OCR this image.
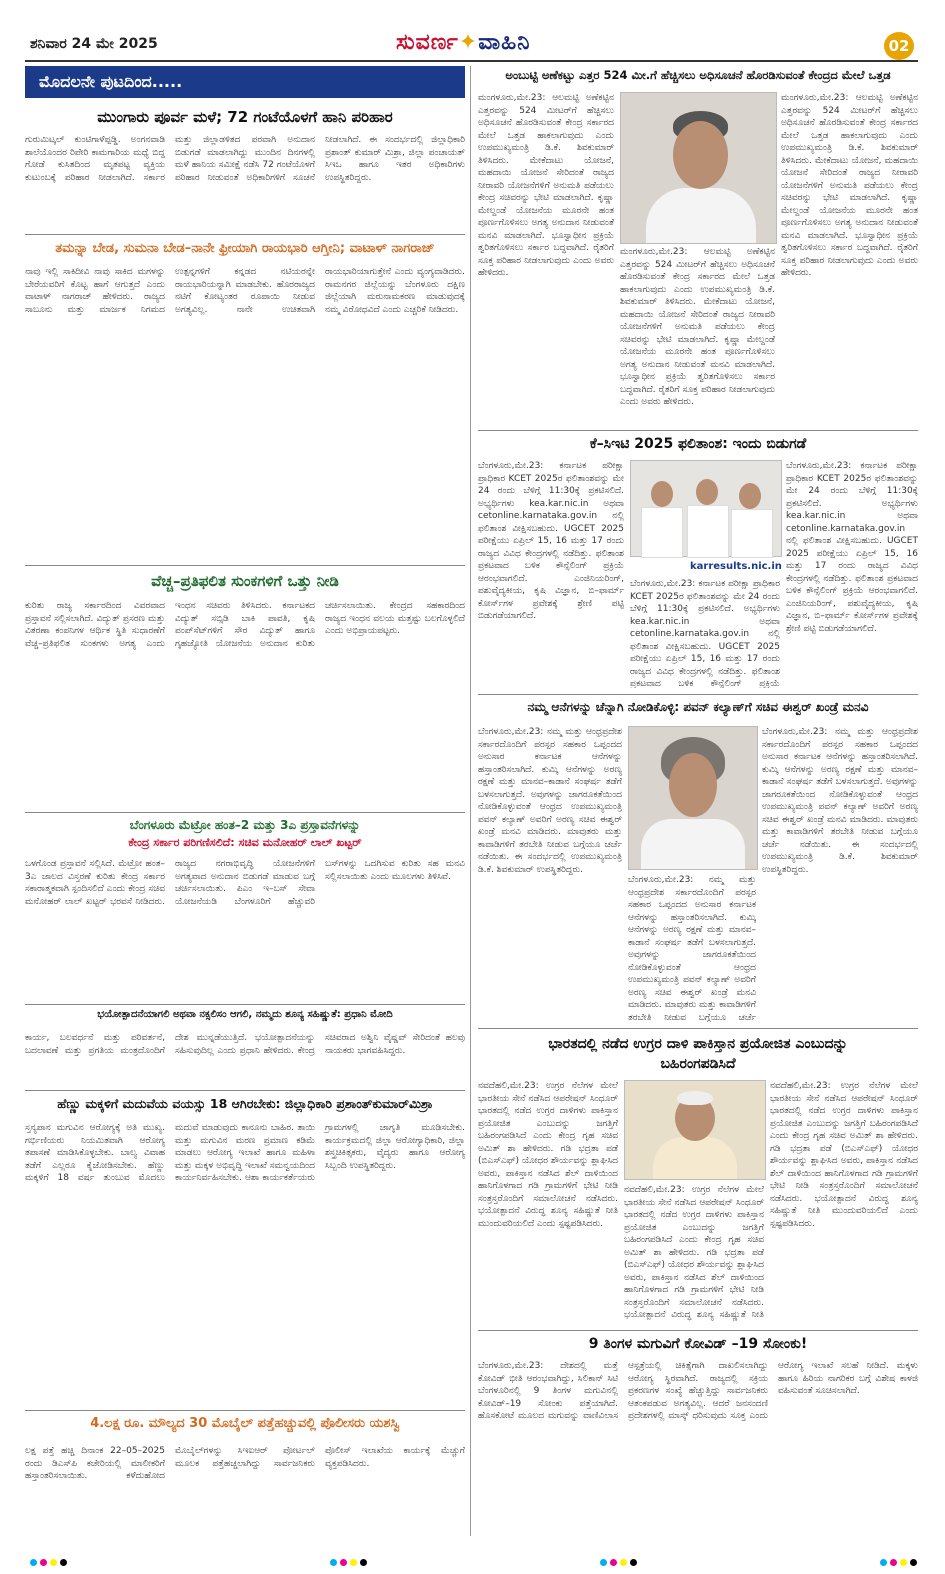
ಶನಿವಾರ 24 ಮೇ 2025	ಸುವರ್ಣ✦ವಾಹಿನಿ	02
ಮೊದಲನೇ ಪುಟದಿಂದ.....
ಮುಂಗಾರು ಪೂರ್ವ ಮಳೆ; 72 ಗಂಟೆಯೊಳಗೆ ಹಾನಿ ಪರಿಹಾರ
ಗುರುಮಿಟ್ಕಲ್ ಕುಂಟಿಗಾಳೆಪ್ಪಡ್ಡಿ. ಅಂಗನವಾಡಿ ಶಾಲೆಯೊಂದರ ರಿಪೇರಿ ಕಾಮಗಾರಿಯ ಮಧ್ಯೆ ಬಿದ್ದ ಗೋಡೆ ಕುಸಿತದಿಂದ ಮೃತಪಟ್ಟ ವ್ಯಕ್ತಿಯ ಕುಟುಂಬಕ್ಕೆ ಪರಿಹಾರ ನೀಡಲಾಗಿದೆ. ಸರ್ಕಾರ ಮತ್ತು ಜಿಲ್ಲಾಡಳಿತದ ಪರವಾಗಿ ಅನುದಾನ ಬಿಡುಗಡೆ ಮಾಡಲಾಗಿದ್ದು ಮುಂದಿನ ದಿನಗಳಲ್ಲಿ ಮಳೆ ಹಾನಿಯ ಸಮೀಕ್ಷೆ ನಡೆಸಿ 72 ಗಂಟೆಯೊಳಗೆ ಪರಿಹಾರ ನೀಡುವಂತೆ ಅಧಿಕಾರಿಗಳಿಗೆ ಸೂಚನೆ ನೀಡಲಾಗಿದೆ. ಈ ಸಂದರ್ಭದಲ್ಲಿ ಜಿಲ್ಲಾಧಿಕಾರಿ ಪ್ರಶಾಂತ್ ಕುಮಾರ್ ಮಿಶ್ರಾ, ಜಿಲ್ಲಾ ಪಂಚಾಯತ್ ಸಿಇಒ ಹಾಗೂ ಇತರ ಅಧಿಕಾರಿಗಳು ಉಪಸ್ಥಿತರಿದ್ದರು.
ತಮನ್ನಾ ಬೇಡ, ಸುಮನಾ ಬೇಡ–ನಾನೇ ಫ್ರೀಯಾಗಿ ರಾಯಭಾರಿ ಆಗ್ತೀನಿ; ವಾಟಾಳ್ ನಾಗರಾಜ್
ನಾವು ಇಲ್ಲಿ ಸಾಕಿದೀವಿ ನಾವು ಸಾಕಿದ ಮಗಳನ್ನು ಬೇರೆಯವರಿಗೆ ಕೊಟ್ಟ ಹಾಗೆ ಆಗುತ್ತದೆ ಎಂದು ವಾಟಾಳ್ ನಾಗರಾಜ್ ಹೇಳಿದರು. ರಾಜ್ಯದ ಸಾಬೂನು ಮತ್ತು ಮಾರ್ಜಕ ನಿಗಮದ ಉತ್ಪನ್ನಗಳಿಗೆ ಕನ್ನಡದ ನಟಿಯರನ್ನೇ ರಾಯಭಾರಿಯನ್ನಾಗಿ ಮಾಡಬೇಕು. ಹೊರರಾಜ್ಯದ ನಟಿಗೆ ಕೋಟ್ಯಂತರ ರೂಪಾಯಿ ನೀಡುವ ಅಗತ್ಯವಿಲ್ಲ. ನಾನೇ ಉಚಿತವಾಗಿ ರಾಯಭಾರಿಯಾಗುತ್ತೇನೆ ಎಂದು ವ್ಯಂಗ್ಯವಾಡಿದರು. ರಾಮನಗರ ಜಿಲ್ಲೆಯನ್ನು ಬೆಂಗಳೂರು ದಕ್ಷಿಣ ಜಿಲ್ಲೆಯಾಗಿ ಮರುನಾಮಕರಣ ಮಾಡುವುದಕ್ಕೆ ನಮ್ಮ ವಿರೋಧವಿದೆ ಎಂದು ಎಚ್ಚರಿಕೆ ನೀಡಿದರು.
ವೆಚ್ಚ–ಪ್ರತಿಫಲಿತ ಸುಂಕಗಳಿಗೆ ಒತ್ತು ನೀಡಿ
ಕುರಿತು ರಾಜ್ಯ ಸರ್ಕಾರದಿಂದ ವಿವರವಾದ ಪ್ರಸ್ತಾವನೆ ಸಲ್ಲಿಸಲಾಗಿದೆ. ವಿದ್ಯುತ್ ಪ್ರಸರಣ ಮತ್ತು ವಿತರಣಾ ಕಂಪನಿಗಳ ಆರ್ಥಿಕ ಸ್ಥಿತಿ ಸುಧಾರಣೆಗೆ ವೆಚ್ಚ–ಪ್ರತಿಫಲಿತ ಸುಂಕಗಳು ಅಗತ್ಯ ಎಂದು ಇಂಧನ ಸಚಿವರು ತಿಳಿಸಿದರು. ಕರ್ನಾಟಕದ ವಿದ್ಯುತ್ ಸಬ್ಸಿಡಿ ಬಾಕಿ ಪಾವತಿ, ಕೃಷಿ ಪಂಪ್‌ಸೆಟ್‌ಗಳಿಗೆ ಸೌರ ವಿದ್ಯುತ್ ಹಾಗೂ ಗೃಹಜ್ಯೋತಿ ಯೋಜನೆಯ ಅನುದಾನ ಕುರಿತು ಚರ್ಚಿಸಲಾಯಿತು. ಕೇಂದ್ರದ ಸಹಕಾರದಿಂದ ರಾಜ್ಯದ ಇಂಧನ ವಲಯ ಮತ್ತಷ್ಟು ಬಲಗೊಳ್ಳಲಿದೆ ಎಂದು ಅಭಿಪ್ರಾಯಪಟ್ಟರು.
ಬೆಂಗಳೂರು ಮೆಟ್ರೋ ಹಂತ–2 ಮತ್ತು 3ಎ ಪ್ರಸ್ತಾವನೆಗಳನ್ನು
ಕೇಂದ್ರ ಸರ್ಕಾರ ಪರಿಗಣಿಸಲಿದೆ: ಸಚಿವ ಮನೋಹರ್ ಲಾಲ್ ಖಟ್ಟರ್
ಒಳಗೊಂಡ ಪ್ರಸ್ತಾವನೆ ಸಲ್ಲಿಸಿದೆ. ಮೆಟ್ರೋ ಹಂತ–3ಎ ಜಾಲದ ವಿಸ್ತರಣೆ ಕುರಿತು ಕೇಂದ್ರ ಸರ್ಕಾರ ಸಕಾರಾತ್ಮಕವಾಗಿ ಸ್ಪಂದಿಸಲಿದೆ ಎಂದು ಕೇಂದ್ರ ಸಚಿವ ಮನೋಹರ್ ಲಾಲ್ ಖಟ್ಟರ್ ಭರವಸೆ ನೀಡಿದರು. ರಾಜ್ಯದ ನಗರಾಭಿವೃದ್ಧಿ ಯೋಜನೆಗಳಿಗೆ ಅಗತ್ಯವಾದ ಅನುದಾನ ಬಿಡುಗಡೆ ಮಾಡುವ ಬಗ್ಗೆ ಚರ್ಚಿಸಲಾಯಿತು. ಪಿಎಂ ಇ–ಬಸ್ ಸೇವಾ ಯೋಜನೆಯಡಿ ಬೆಂಗಳೂರಿಗೆ ಹೆಚ್ಚುವರಿ ಬಸ್‌ಗಳನ್ನು ಒದಗಿಸುವ ಕುರಿತು ಸಹ ಮನವಿ ಸಲ್ಲಿಸಲಾಯಿತು ಎಂದು ಮೂಲಗಳು ತಿಳಿಸಿವೆ.
ಭಯೋತ್ಪಾದನೆಯಾಗಲಿ ಅಥವಾ ನಕ್ಸಲಿಸಂ ಆಗಲಿ, ನಮ್ಮದು ಶೂನ್ಯ ಸಹಿಷ್ಣುತೆ: ಪ್ರಧಾನಿ ಮೋದಿ
ಕಾರ್ಯ, ಬಲವರ್ಧನೆ ಮತ್ತು ಪರಿವರ್ತನೆ, ಬದಲಾವಣೆ ಮತ್ತು ಪ್ರಗತಿಯ ಮಂತ್ರದೊಂದಿಗೆ ದೇಶ ಮುನ್ನಡೆಯುತ್ತಿದೆ. ಭಯೋತ್ಪಾದನೆಯನ್ನು ಸಹಿಸುವುದಿಲ್ಲ ಎಂದು ಪ್ರಧಾನಿ ಹೇಳಿದರು. ಕೇಂದ್ರ ಸಚಿವರಾದ ಅಶ್ವಿನಿ ವೈಷ್ಣವ್ ಸೇರಿದಂತೆ ಹಲವು ನಾಯಕರು ಭಾಗವಹಿಸಿದ್ದರು.
ಹೆಣ್ಣು ಮಕ್ಕಳಿಗೆ ಮದುವೆಯ ವಯಸ್ಸು 18 ಆಗಿರಬೇಕು: ಜಿಲ್ಲಾಧಿಕಾರಿ ಪ್ರಶಾಂತ್‌ಕುಮಾರ್‌ಮಿಶ್ರಾ
ಸ್ತನ್ಯಪಾನ ಮಗುವಿನ ಆರೋಗ್ಯಕ್ಕೆ ಅತಿ ಮುಖ್ಯ. ಗರ್ಭಿಣಿಯರು ನಿಯಮಿತವಾಗಿ ಆರೋಗ್ಯ ತಪಾಸಣೆ ಮಾಡಿಸಿಕೊಳ್ಳಬೇಕು. ಬಾಲ್ಯ ವಿವಾಹ ತಡೆಗೆ ಎಲ್ಲರೂ ಕೈಜೋಡಿಸಬೇಕು. ಹೆಣ್ಣು ಮಕ್ಕಳಿಗೆ 18 ವರ್ಷ ತುಂಬುವ ಮೊದಲು ಮದುವೆ ಮಾಡುವುದು ಕಾನೂನು ಬಾಹಿರ. ತಾಯಿ ಮತ್ತು ಮಗುವಿನ ಮರಣ ಪ್ರಮಾಣ ಕಡಿಮೆ ಮಾಡಲು ಆರೋಗ್ಯ ಇಲಾಖೆ ಹಾಗೂ ಮಹಿಳಾ ಮತ್ತು ಮಕ್ಕಳ ಅಭಿವೃದ್ಧಿ ಇಲಾಖೆ ಸಮನ್ವಯದಿಂದ ಕಾರ್ಯನಿರ್ವಹಿಸಬೇಕು. ಆಶಾ ಕಾರ್ಯಕರ್ತೆಯರು ಗ್ರಾಮಗಳಲ್ಲಿ ಜಾಗೃತಿ ಮೂಡಿಸಬೇಕು. ಕಾರ್ಯಕ್ರಮದಲ್ಲಿ ಜಿಲ್ಲಾ ಆರೋಗ್ಯಾಧಿಕಾರಿ, ಜಿಲ್ಲಾ ಶಸ್ತ್ರಚಿಕಿತ್ಸಕರು, ವೈದ್ಯರು ಹಾಗೂ ಆರೋಗ್ಯ ಸಿಬ್ಬಂದಿ ಉಪಸ್ಥಿತರಿದ್ದರು.
4.ಲಕ್ಷ ರೂ. ಮೌಲ್ಯದ 30 ಮೊಬೈಲ್ ಪತ್ತೆಹಚ್ಚುವಲ್ಲಿ ಪೊಲೀಸರು ಯಶಸ್ವಿ
ಲಕ್ಷ ಪತ್ತೆ ಹಚ್ಚಿ ದಿನಾಂಕ 22–05–2025 ರಂದು ಡಿಎಸ್‌ಪಿ ಕಚೇರಿಯಲ್ಲಿ ಮಾಲೀಕರಿಗೆ ಹಸ್ತಾಂತರಿಸಲಾಯಿತು. ಕಳೆದುಹೋದ ಮೊಬೈಲ್‌ಗಳನ್ನು ಸಿಇಐಆರ್ ಪೋರ್ಟಲ್ ಮೂಲಕ ಪತ್ತೆಹಚ್ಚಲಾಗಿದ್ದು ಸಾರ್ವಜನಿಕರು ಪೊಲೀಸ್ ಇಲಾಖೆಯ ಕಾರ್ಯಕ್ಕೆ ಮೆಚ್ಚುಗೆ ವ್ಯಕ್ತಪಡಿಸಿದರು.
ಅಂಬುಟ್ಟಿ ಅಣೆಕಟ್ಟು ಎತ್ತರ 524 ಮೀ.ಗೆ ಹೆಚ್ಚಿಸಲು ಅಧಿಸೂಚನೆ ಹೊರಡಿಸುವಂತೆ ಕೇಂದ್ರದ ಮೇಲೆ ಒತ್ತಡ
ಮಂಗಳೂರು,ಮೇ.23: ಆಲಮಟ್ಟಿ ಅಣೆಕಟ್ಟಿನ ಎತ್ತರವನ್ನು 524 ಮೀಟರ್‌ಗೆ ಹೆಚ್ಚಿಸಲು ಅಧಿಸೂಚನೆ ಹೊರಡಿಸುವಂತೆ ಕೇಂದ್ರ ಸರ್ಕಾರದ ಮೇಲೆ ಒತ್ತಡ ಹಾಕಲಾಗುವುದು ಎಂದು ಉಪಮುಖ್ಯಮಂತ್ರಿ ಡಿ.ಕೆ. ಶಿವಕುಮಾರ್ ತಿಳಿಸಿದರು. ಮೇಕೆದಾಟು ಯೋಜನೆ, ಮಹದಾಯಿ ಯೋಜನೆ ಸೇರಿದಂತೆ ರಾಜ್ಯದ ನೀರಾವರಿ ಯೋಜನೆಗಳಿಗೆ ಅನುಮತಿ ಪಡೆಯಲು ಕೇಂದ್ರ ಸಚಿವರನ್ನು ಭೇಟಿ ಮಾಡಲಾಗಿದೆ. ಕೃಷ್ಣಾ ಮೇಲ್ದಂಡೆ ಯೋಜನೆಯ ಮೂರನೇ ಹಂತ ಪೂರ್ಣಗೊಳಿಸಲು ಅಗತ್ಯ ಅನುದಾನ ನೀಡುವಂತೆ ಮನವಿ ಮಾಡಲಾಗಿದೆ. ಭೂಸ್ವಾಧೀನ ಪ್ರಕ್ರಿಯೆ ತ್ವರಿತಗೊಳಿಸಲು ಸರ್ಕಾರ ಬದ್ಧವಾಗಿದೆ. ರೈತರಿಗೆ ಸೂಕ್ತ ಪರಿಹಾರ ನೀಡಲಾಗುವುದು ಎಂದು ಅವರು ಹೇಳಿದರು.
ಮಂಗಳೂರು,ಮೇ.23: ಆಲಮಟ್ಟಿ ಅಣೆಕಟ್ಟಿನ ಎತ್ತರವನ್ನು 524 ಮೀಟರ್‌ಗೆ ಹೆಚ್ಚಿಸಲು ಅಧಿಸೂಚನೆ ಹೊರಡಿಸುವಂತೆ ಕೇಂದ್ರ ಸರ್ಕಾರದ ಮೇಲೆ ಒತ್ತಡ ಹಾಕಲಾಗುವುದು ಎಂದು ಉಪಮುಖ್ಯಮಂತ್ರಿ ಡಿ.ಕೆ. ಶಿವಕುಮಾರ್ ತಿಳಿಸಿದರು. ಮೇಕೆದಾಟು ಯೋಜನೆ, ಮಹದಾಯಿ ಯೋಜನೆ ಸೇರಿದಂತೆ ರಾಜ್ಯದ ನೀರಾವರಿ ಯೋಜನೆಗಳಿಗೆ ಅನುಮತಿ ಪಡೆಯಲು ಕೇಂದ್ರ ಸಚಿವರನ್ನು ಭೇಟಿ ಮಾಡಲಾಗಿದೆ. ಕೃಷ್ಣಾ ಮೇಲ್ದಂಡೆ ಯೋಜನೆಯ ಮೂರನೇ ಹಂತ ಪೂರ್ಣಗೊಳಿಸಲು ಅಗತ್ಯ ಅನುದಾನ ನೀಡುವಂತೆ ಮನವಿ ಮಾಡಲಾಗಿದೆ. ಭೂಸ್ವಾಧೀನ ಪ್ರಕ್ರಿಯೆ ತ್ವರಿತಗೊಳಿಸಲು ಸರ್ಕಾರ ಬದ್ಧವಾಗಿದೆ. ರೈತರಿಗೆ ಸೂಕ್ತ ಪರಿಹಾರ ನೀಡಲಾಗುವುದು ಎಂದು ಅವರು ಹೇಳಿದರು.
ಮಂಗಳೂರು,ಮೇ.23: ಆಲಮಟ್ಟಿ ಅಣೆಕಟ್ಟಿನ ಎತ್ತರವನ್ನು 524 ಮೀಟರ್‌ಗೆ ಹೆಚ್ಚಿಸಲು ಅಧಿಸೂಚನೆ ಹೊರಡಿಸುವಂತೆ ಕೇಂದ್ರ ಸರ್ಕಾರದ ಮೇಲೆ ಒತ್ತಡ ಹಾಕಲಾಗುವುದು ಎಂದು ಉಪಮುಖ್ಯಮಂತ್ರಿ ಡಿ.ಕೆ. ಶಿವಕುಮಾರ್ ತಿಳಿಸಿದರು. ಮೇಕೆದಾಟು ಯೋಜನೆ, ಮಹದಾಯಿ ಯೋಜನೆ ಸೇರಿದಂತೆ ರಾಜ್ಯದ ನೀರಾವರಿ ಯೋಜನೆಗಳಿಗೆ ಅನುಮತಿ ಪಡೆಯಲು ಕೇಂದ್ರ ಸಚಿವರನ್ನು ಭೇಟಿ ಮಾಡಲಾಗಿದೆ. ಕೃಷ್ಣಾ ಮೇಲ್ದಂಡೆ ಯೋಜನೆಯ ಮೂರನೇ ಹಂತ ಪೂರ್ಣಗೊಳಿಸಲು ಅಗತ್ಯ ಅನುದಾನ ನೀಡುವಂತೆ ಮನವಿ ಮಾಡಲಾಗಿದೆ. ಭೂಸ್ವಾಧೀನ ಪ್ರಕ್ರಿಯೆ ತ್ವರಿತಗೊಳಿಸಲು ಸರ್ಕಾರ ಬದ್ಧವಾಗಿದೆ. ರೈತರಿಗೆ ಸೂಕ್ತ ಪರಿಹಾರ ನೀಡಲಾಗುವುದು ಎಂದು ಅವರು ಹೇಳಿದರು.
ಕೆ–ಸಿಇಟಿ 2025 ಫಲಿತಾಂಶ: ಇಂದು ಬಿಡುಗಡೆ
karresults.nic.in
ಬೆಂಗಳೂರು,ಮೇ.23: ಕರ್ನಾಟಕ ಪರೀಕ್ಷಾ ಪ್ರಾಧಿಕಾರ KCET 2025ರ ಫಲಿತಾಂಶವನ್ನು ಮೇ 24 ರಂದು ಬೆಳಿಗ್ಗೆ 11:30ಕ್ಕೆ ಪ್ರಕಟಿಸಲಿದೆ. ಅಭ್ಯರ್ಥಿಗಳು kea.kar.nic.in ಅಥವಾ cetonline.karnataka.gov.in ನಲ್ಲಿ ಫಲಿತಾಂಶ ವೀಕ್ಷಿಸಬಹುದು. UGCET 2025 ಪರೀಕ್ಷೆಯು ಏಪ್ರಿಲ್ 15, 16 ಮತ್ತು 17 ರಂದು ರಾಜ್ಯದ ವಿವಿಧ ಕೇಂದ್ರಗಳಲ್ಲಿ ನಡೆದಿತ್ತು. ಫಲಿತಾಂಶ ಪ್ರಕಟವಾದ ಬಳಿಕ ಕೌನ್ಸೆಲಿಂಗ್ ಪ್ರಕ್ರಿಯೆ ಆರಂಭವಾಗಲಿದೆ. ಎಂಜಿನಿಯರಿಂಗ್, ಪಶುವೈದ್ಯಕೀಯ, ಕೃಷಿ ವಿಜ್ಞಾನ, ಬಿ–ಫಾರ್ಮ್ ಕೋರ್ಸ್‌ಗಳ ಪ್ರವೇಶಕ್ಕೆ ಶ್ರೇಣಿ ಪಟ್ಟಿ ಬಿಡುಗಡೆಯಾಗಲಿದೆ.
ಬೆಂಗಳೂರು,ಮೇ.23: ಕರ್ನಾಟಕ ಪರೀಕ್ಷಾ ಪ್ರಾಧಿಕಾರ KCET 2025ರ ಫಲಿತಾಂಶವನ್ನು ಮೇ 24 ರಂದು ಬೆಳಿಗ್ಗೆ 11:30ಕ್ಕೆ ಪ್ರಕಟಿಸಲಿದೆ. ಅಭ್ಯರ್ಥಿಗಳು kea.kar.nic.in ಅಥವಾ cetonline.karnataka.gov.in ನಲ್ಲಿ ಫಲಿತಾಂಶ ವೀಕ್ಷಿಸಬಹುದು. UGCET 2025 ಪರೀಕ್ಷೆಯು ಏಪ್ರಿಲ್ 15, 16 ಮತ್ತು 17 ರಂದು ರಾಜ್ಯದ ವಿವಿಧ ಕೇಂದ್ರಗಳಲ್ಲಿ ನಡೆದಿತ್ತು. ಫಲಿತಾಂಶ ಪ್ರಕಟವಾದ ಬಳಿಕ ಕೌನ್ಸೆಲಿಂಗ್ ಪ್ರಕ್ರಿಯೆ ಆರಂಭವಾಗಲಿದೆ. ಎಂಜಿನಿಯರಿಂಗ್, ಪಶುವೈದ್ಯಕೀಯ, ಕೃಷಿ ವಿಜ್ಞಾನ, ಬಿ–ಫಾರ್ಮ್ ಕೋರ್ಸ್‌ಗಳ ಪ್ರವೇಶಕ್ಕೆ ಶ್ರೇಣಿ ಪಟ್ಟಿ ಬಿಡುಗಡೆಯಾಗಲಿದೆ.
ಬೆಂಗಳೂರು,ಮೇ.23: ಕರ್ನಾಟಕ ಪರೀಕ್ಷಾ ಪ್ರಾಧಿಕಾರ KCET 2025ರ ಫಲಿತಾಂಶವನ್ನು ಮೇ 24 ರಂದು ಬೆಳಿಗ್ಗೆ 11:30ಕ್ಕೆ ಪ್ರಕಟಿಸಲಿದೆ. ಅಭ್ಯರ್ಥಿಗಳು kea.kar.nic.in ಅಥವಾ cetonline.karnataka.gov.in ನಲ್ಲಿ ಫಲಿತಾಂಶ ವೀಕ್ಷಿಸಬಹುದು. UGCET 2025 ಪರೀಕ್ಷೆಯು ಏಪ್ರಿಲ್ 15, 16 ಮತ್ತು 17 ರಂದು ರಾಜ್ಯದ ವಿವಿಧ ಕೇಂದ್ರಗಳಲ್ಲಿ ನಡೆದಿತ್ತು. ಫಲಿತಾಂಶ ಪ್ರಕಟವಾದ ಬಳಿಕ ಕೌನ್ಸೆಲಿಂಗ್ ಪ್ರಕ್ರಿಯೆ
ನಮ್ಮ ಆನೆಗಳನ್ನು ಚೆನ್ನಾಗಿ ನೋಡಿಕೊಳ್ಳಿ: ಪವನ್ ಕಲ್ಯಾಣ್‌ಗೆ ಸಚಿವ ಈಶ್ವರ್ ಖಂಡ್ರೆ ಮನವಿ
ಬೆಂಗಳೂರು,ಮೇ.23: ನಮ್ಮ ಮತ್ತು ಆಂಧ್ರಪ್ರದೇಶ ಸರ್ಕಾರದೊಂದಿಗೆ ಪರಸ್ಪರ ಸಹಕಾರ ಒಪ್ಪಂದದ ಅನುಸಾರ ಕರ್ನಾಟಕ ಆನೆಗಳನ್ನು ಹಸ್ತಾಂತರಿಸಲಾಗಿದೆ. ಕುಮ್ಕಿ ಆನೆಗಳನ್ನು ಅರಣ್ಯ ರಕ್ಷಣೆ ಮತ್ತು ಮಾನವ–ಕಾಡಾನೆ ಸಂಘರ್ಷ ತಡೆಗೆ ಬಳಸಲಾಗುತ್ತದೆ. ಅವುಗಳನ್ನು ಜಾಗರೂಕತೆಯಿಂದ ನೋಡಿಕೊಳ್ಳುವಂತೆ ಆಂಧ್ರದ ಉಪಮುಖ್ಯಮಂತ್ರಿ ಪವನ್ ಕಲ್ಯಾಣ್ ಅವರಿಗೆ ಅರಣ್ಯ ಸಚಿವ ಈಶ್ವರ್ ಖಂಡ್ರೆ ಮನವಿ ಮಾಡಿದರು. ಮಾವುತರು ಮತ್ತು ಕಾವಾಡಿಗಳಿಗೆ ತರಬೇತಿ ನೀಡುವ ಬಗ್ಗೆಯೂ ಚರ್ಚೆ ನಡೆಯಿತು. ಈ ಸಂದರ್ಭದಲ್ಲಿ ಉಪಮುಖ್ಯಮಂತ್ರಿ ಡಿ.ಕೆ. ಶಿವಕುಮಾರ್ ಉಪಸ್ಥಿತರಿದ್ದರು.
ಬೆಂಗಳೂರು,ಮೇ.23: ನಮ್ಮ ಮತ್ತು ಆಂಧ್ರಪ್ರದೇಶ ಸರ್ಕಾರದೊಂದಿಗೆ ಪರಸ್ಪರ ಸಹಕಾರ ಒಪ್ಪಂದದ ಅನುಸಾರ ಕರ್ನಾಟಕ ಆನೆಗಳನ್ನು ಹಸ್ತಾಂತರಿಸಲಾಗಿದೆ. ಕುಮ್ಕಿ ಆನೆಗಳನ್ನು ಅರಣ್ಯ ರಕ್ಷಣೆ ಮತ್ತು ಮಾನವ–ಕಾಡಾನೆ ಸಂಘರ್ಷ ತಡೆಗೆ ಬಳಸಲಾಗುತ್ತದೆ. ಅವುಗಳನ್ನು ಜಾಗರೂಕತೆಯಿಂದ ನೋಡಿಕೊಳ್ಳುವಂತೆ ಆಂಧ್ರದ ಉಪಮುಖ್ಯಮಂತ್ರಿ ಪವನ್ ಕಲ್ಯಾಣ್ ಅವರಿಗೆ ಅರಣ್ಯ ಸಚಿವ ಈಶ್ವರ್ ಖಂಡ್ರೆ ಮನವಿ ಮಾಡಿದರು. ಮಾವುತರು ಮತ್ತು ಕಾವಾಡಿಗಳಿಗೆ ತರಬೇತಿ ನೀಡುವ ಬಗ್ಗೆಯೂ ಚರ್ಚೆ
ಬೆಂಗಳೂರು,ಮೇ.23: ನಮ್ಮ ಮತ್ತು ಆಂಧ್ರಪ್ರದೇಶ ಸರ್ಕಾರದೊಂದಿಗೆ ಪರಸ್ಪರ ಸಹಕಾರ ಒಪ್ಪಂದದ ಅನುಸಾರ ಕರ್ನಾಟಕ ಆನೆಗಳನ್ನು ಹಸ್ತಾಂತರಿಸಲಾಗಿದೆ. ಕುಮ್ಕಿ ಆನೆಗಳನ್ನು ಅರಣ್ಯ ರಕ್ಷಣೆ ಮತ್ತು ಮಾನವ–ಕಾಡಾನೆ ಸಂಘರ್ಷ ತಡೆಗೆ ಬಳಸಲಾಗುತ್ತದೆ. ಅವುಗಳನ್ನು ಜಾಗರೂಕತೆಯಿಂದ ನೋಡಿಕೊಳ್ಳುವಂತೆ ಆಂಧ್ರದ ಉಪಮುಖ್ಯಮಂತ್ರಿ ಪವನ್ ಕಲ್ಯಾಣ್ ಅವರಿಗೆ ಅರಣ್ಯ ಸಚಿವ ಈಶ್ವರ್ ಖಂಡ್ರೆ ಮನವಿ ಮಾಡಿದರು. ಮಾವುತರು ಮತ್ತು ಕಾವಾಡಿಗಳಿಗೆ ತರಬೇತಿ ನೀಡುವ ಬಗ್ಗೆಯೂ ಚರ್ಚೆ ನಡೆಯಿತು. ಈ ಸಂದರ್ಭದಲ್ಲಿ ಉಪಮುಖ್ಯಮಂತ್ರಿ ಡಿ.ಕೆ. ಶಿವಕುಮಾರ್ ಉಪಸ್ಥಿತರಿದ್ದರು.
ಭಾರತದಲ್ಲಿ ನಡೆದ ಉಗ್ರರ ದಾಳಿ ಪಾಕಿಸ್ತಾನ ಪ್ರಯೋಜಿತ ಎಂಬುದನ್ನು ಬಹಿರಂಗಪಡಿಸಿದೆ
ನವದೆಹಲಿ,ಮೇ.23: ಉಗ್ರರ ನೆಲೆಗಳ ಮೇಲೆ ಭಾರತೀಯ ಸೇನೆ ನಡೆಸಿದ ಆಪರೇಷನ್ ಸಿಂಧೂರ್ ಭಾರತದಲ್ಲಿ ನಡೆದ ಉಗ್ರರ ದಾಳಿಗಳು ಪಾಕಿಸ್ತಾನ ಪ್ರಯೋಜಿತ ಎಂಬುದನ್ನು ಜಗತ್ತಿಗೆ ಬಹಿರಂಗಪಡಿಸಿದೆ ಎಂದು ಕೇಂದ್ರ ಗೃಹ ಸಚಿವ ಅಮಿತ್ ಶಾ ಹೇಳಿದರು. ಗಡಿ ಭದ್ರತಾ ಪಡೆ (ಬಿಎಸ್‌ಎಫ್) ಯೋಧರ ಶೌರ್ಯವನ್ನು ಶ್ಲಾಘಿಸಿದ ಅವರು, ಪಾಕಿಸ್ತಾನ ನಡೆಸಿದ ಶೆಲ್ ದಾಳಿಯಿಂದ ಹಾನಿಗೊಳಗಾದ ಗಡಿ ಗ್ರಾಮಗಳಿಗೆ ಭೇಟಿ ನೀಡಿ ಸಂತ್ರಸ್ತರೊಂದಿಗೆ ಸಮಾಲೋಚನೆ ನಡೆಸಿದರು. ಭಯೋತ್ಪಾದನೆ ವಿರುದ್ಧ ಶೂನ್ಯ ಸಹಿಷ್ಣುತೆ ನೀತಿ ಮುಂದುವರಿಯಲಿದೆ ಎಂದು ಸ್ಪಷ್ಟಪಡಿಸಿದರು.
ನವದೆಹಲಿ,ಮೇ.23: ಉಗ್ರರ ನೆಲೆಗಳ ಮೇಲೆ ಭಾರತೀಯ ಸೇನೆ ನಡೆಸಿದ ಆಪರೇಷನ್ ಸಿಂಧೂರ್ ಭಾರತದಲ್ಲಿ ನಡೆದ ಉಗ್ರರ ದಾಳಿಗಳು ಪಾಕಿಸ್ತಾನ ಪ್ರಯೋಜಿತ ಎಂಬುದನ್ನು ಜಗತ್ತಿಗೆ ಬಹಿರಂಗಪಡಿಸಿದೆ ಎಂದು ಕೇಂದ್ರ ಗೃಹ ಸಚಿವ ಅಮಿತ್ ಶಾ ಹೇಳಿದರು. ಗಡಿ ಭದ್ರತಾ ಪಡೆ (ಬಿಎಸ್‌ಎಫ್) ಯೋಧರ ಶೌರ್ಯವನ್ನು ಶ್ಲಾಘಿಸಿದ ಅವರು, ಪಾಕಿಸ್ತಾನ ನಡೆಸಿದ ಶೆಲ್ ದಾಳಿಯಿಂದ ಹಾನಿಗೊಳಗಾದ ಗಡಿ ಗ್ರಾಮಗಳಿಗೆ ಭೇಟಿ ನೀಡಿ ಸಂತ್ರಸ್ತರೊಂದಿಗೆ ಸಮಾಲೋಚನೆ ನಡೆಸಿದರು. ಭಯೋತ್ಪಾದನೆ ವಿರುದ್ಧ ಶೂನ್ಯ ಸಹಿಷ್ಣುತೆ ನೀತಿ
ನವದೆಹಲಿ,ಮೇ.23: ಉಗ್ರರ ನೆಲೆಗಳ ಮೇಲೆ ಭಾರತೀಯ ಸೇನೆ ನಡೆಸಿದ ಆಪರೇಷನ್ ಸಿಂಧೂರ್ ಭಾರತದಲ್ಲಿ ನಡೆದ ಉಗ್ರರ ದಾಳಿಗಳು ಪಾಕಿಸ್ತಾನ ಪ್ರಯೋಜಿತ ಎಂಬುದನ್ನು ಜಗತ್ತಿಗೆ ಬಹಿರಂಗಪಡಿಸಿದೆ ಎಂದು ಕೇಂದ್ರ ಗೃಹ ಸಚಿವ ಅಮಿತ್ ಶಾ ಹೇಳಿದರು. ಗಡಿ ಭದ್ರತಾ ಪಡೆ (ಬಿಎಸ್‌ಎಫ್) ಯೋಧರ ಶೌರ್ಯವನ್ನು ಶ್ಲಾಘಿಸಿದ ಅವರು, ಪಾಕಿಸ್ತಾನ ನಡೆಸಿದ ಶೆಲ್ ದಾಳಿಯಿಂದ ಹಾನಿಗೊಳಗಾದ ಗಡಿ ಗ್ರಾಮಗಳಿಗೆ ಭೇಟಿ ನೀಡಿ ಸಂತ್ರಸ್ತರೊಂದಿಗೆ ಸಮಾಲೋಚನೆ ನಡೆಸಿದರು. ಭಯೋತ್ಪಾದನೆ ವಿರುದ್ಧ ಶೂನ್ಯ ಸಹಿಷ್ಣುತೆ ನೀತಿ ಮುಂದುವರಿಯಲಿದೆ ಎಂದು ಸ್ಪಷ್ಟಪಡಿಸಿದರು.
9 ತಿಂಗಳ ಮಗುವಿಗೆ ಕೋವಿಡ್ –19 ಸೋಂಕು!
ಬೆಂಗಳೂರು,ಮೇ.23: ದೇಶದಲ್ಲಿ ಮತ್ತೆ ಕೋವಿಡ್ ಭೀತಿ ಆರಂಭವಾಗಿದ್ದು, ಸಿಲಿಕಾನ್ ಸಿಟಿ ಬೆಂಗಳೂರಿನಲ್ಲಿ 9 ತಿಂಗಳ ಮಗುವಿನಲ್ಲಿ ಕೋವಿಡ್–19 ಸೋಂಕು ಪತ್ತೆಯಾಗಿದೆ. ಹೊಸಕೋಟೆ ಮೂಲದ ಮಗುವನ್ನು ವಾಣಿವಿಲಾಸ ಆಸ್ಪತ್ರೆಯಲ್ಲಿ ಚಿಕಿತ್ಸೆಗಾಗಿ ದಾಖಲಿಸಲಾಗಿದ್ದು ಆರೋಗ್ಯ ಸ್ಥಿರವಾಗಿದೆ. ರಾಜ್ಯದಲ್ಲಿ ಸಕ್ರಿಯ ಪ್ರಕರಣಗಳ ಸಂಖ್ಯೆ ಹೆಚ್ಚುತ್ತಿದ್ದು ಸಾರ್ವಜನಿಕರು ಆತಂಕಪಡುವ ಅಗತ್ಯವಿಲ್ಲ. ಆದರೆ ಜನಸಂದಣಿ ಪ್ರದೇಶಗಳಲ್ಲಿ ಮಾಸ್ಕ್ ಧರಿಸುವುದು ಸೂಕ್ತ ಎಂದು ಆರೋಗ್ಯ ಇಲಾಖೆ ಸಲಹೆ ನೀಡಿದೆ. ಮಕ್ಕಳು ಹಾಗೂ ಹಿರಿಯ ನಾಗರಿಕರ ಬಗ್ಗೆ ವಿಶೇಷ ಕಾಳಜಿ ವಹಿಸುವಂತೆ ಸೂಚಿಸಲಾಗಿದೆ.
